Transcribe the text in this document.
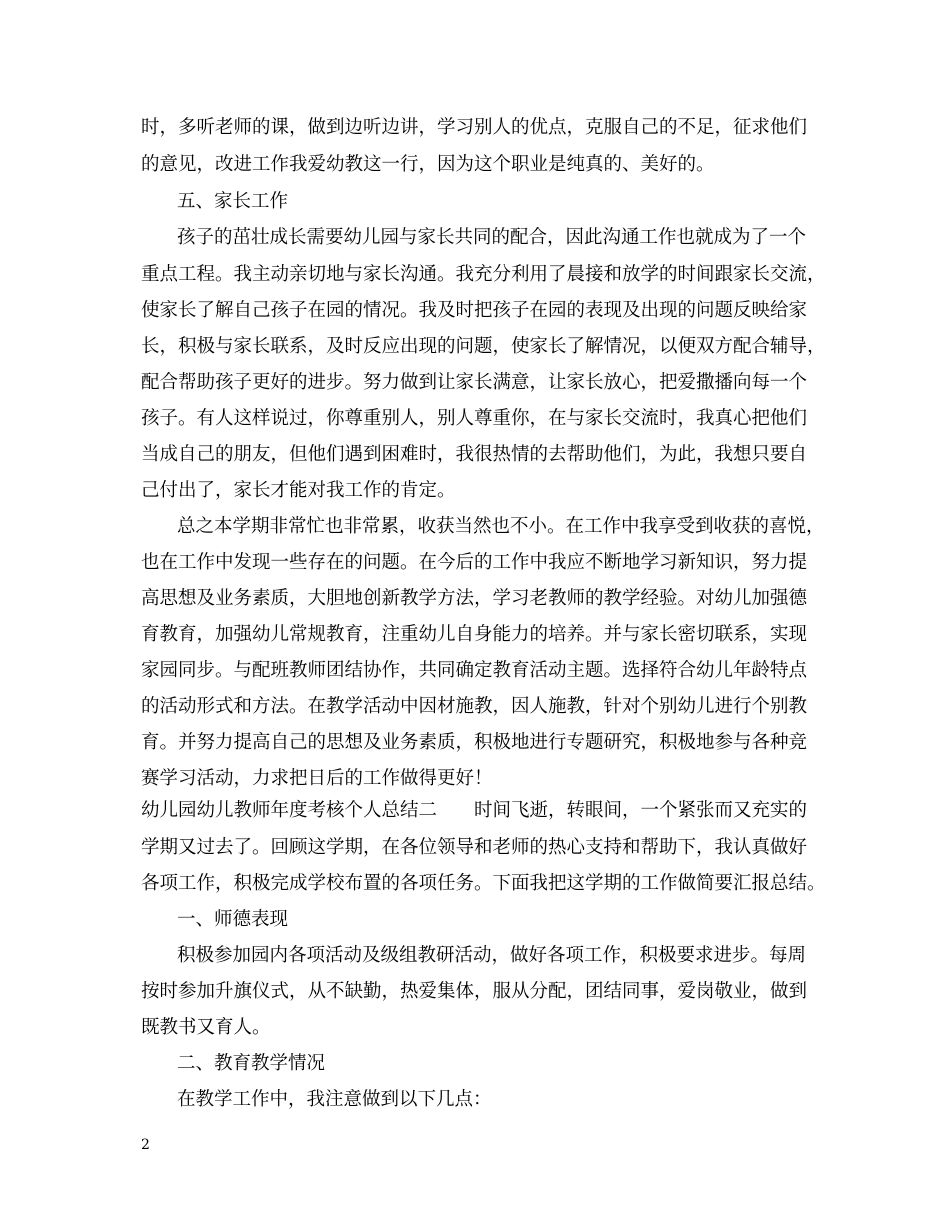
时，多听老师的课，做到边听边讲，学习别人的优点，克服自己的不足，征求他们
的意见，改进工作我爱幼教这一行，因为这个职业是纯真的、美好的。
五、家长工作
孩子的茁壮成长需要幼儿园与家长共同的配合，因此沟通工作也就成为了一个
重点工程。我主动亲切地与家长沟通。我充分利用了晨接和放学的时间跟家长交流，
使家长了解自己孩子在园的情况。我及时把孩子在园的表现及出现的问题反映给家
长，积极与家长联系，及时反应出现的问题，使家长了解情况，以便双方配合辅导，
配合帮助孩子更好的进步。努力做到让家长满意，让家长放心，把爱撒播向每一个
孩子。有人这样说过，你尊重别人，别人尊重你，在与家长交流时，我真心把他们
当成自己的朋友，但他们遇到困难时，我很热情的去帮助他们，为此，我想只要自
己付出了，家长才能对我工作的肯定。
总之本学期非常忙也非常累，收获当然也不小。在工作中我享受到收获的喜悦，
也在工作中发现一些存在的问题。在今后的工作中我应不断地学习新知识，努力提
高思想及业务素质，大胆地创新教学方法，学习老教师的教学经验。对幼儿加强德
育教育，加强幼儿常规教育，注重幼儿自身能力的培养。并与家长密切联系，实现
家园同步。与配班教师团结协作，共同确定教育活动主题。选择符合幼儿年龄特点
的活动形式和方法。在教学活动中因材施教，因人施教，针对个别幼儿进行个别教
育。并努力提高自己的思想及业务素质，积极地进行专题研究，积极地参与各种竞
赛学习活动，力求把日后的工作做得更好！
幼儿园幼儿教师年度考核个人总结二　　时间飞逝，转眼间，一个紧张而又充实的
学期又过去了。回顾这学期，在各位领导和老师的热心支持和帮助下，我认真做好
各项工作，积极完成学校布置的各项任务。下面我把这学期的工作做简要汇报总结。
一、师德表现
积极参加园内各项活动及级组教研活动，做好各项工作，积极要求进步。每周
按时参加升旗仪式，从不缺勤，热爱集体，服从分配，团结同事，爱岗敬业，做到
既教书又育人。
二、教育教学情况
在教学工作中，我注意做到以下几点：
2
